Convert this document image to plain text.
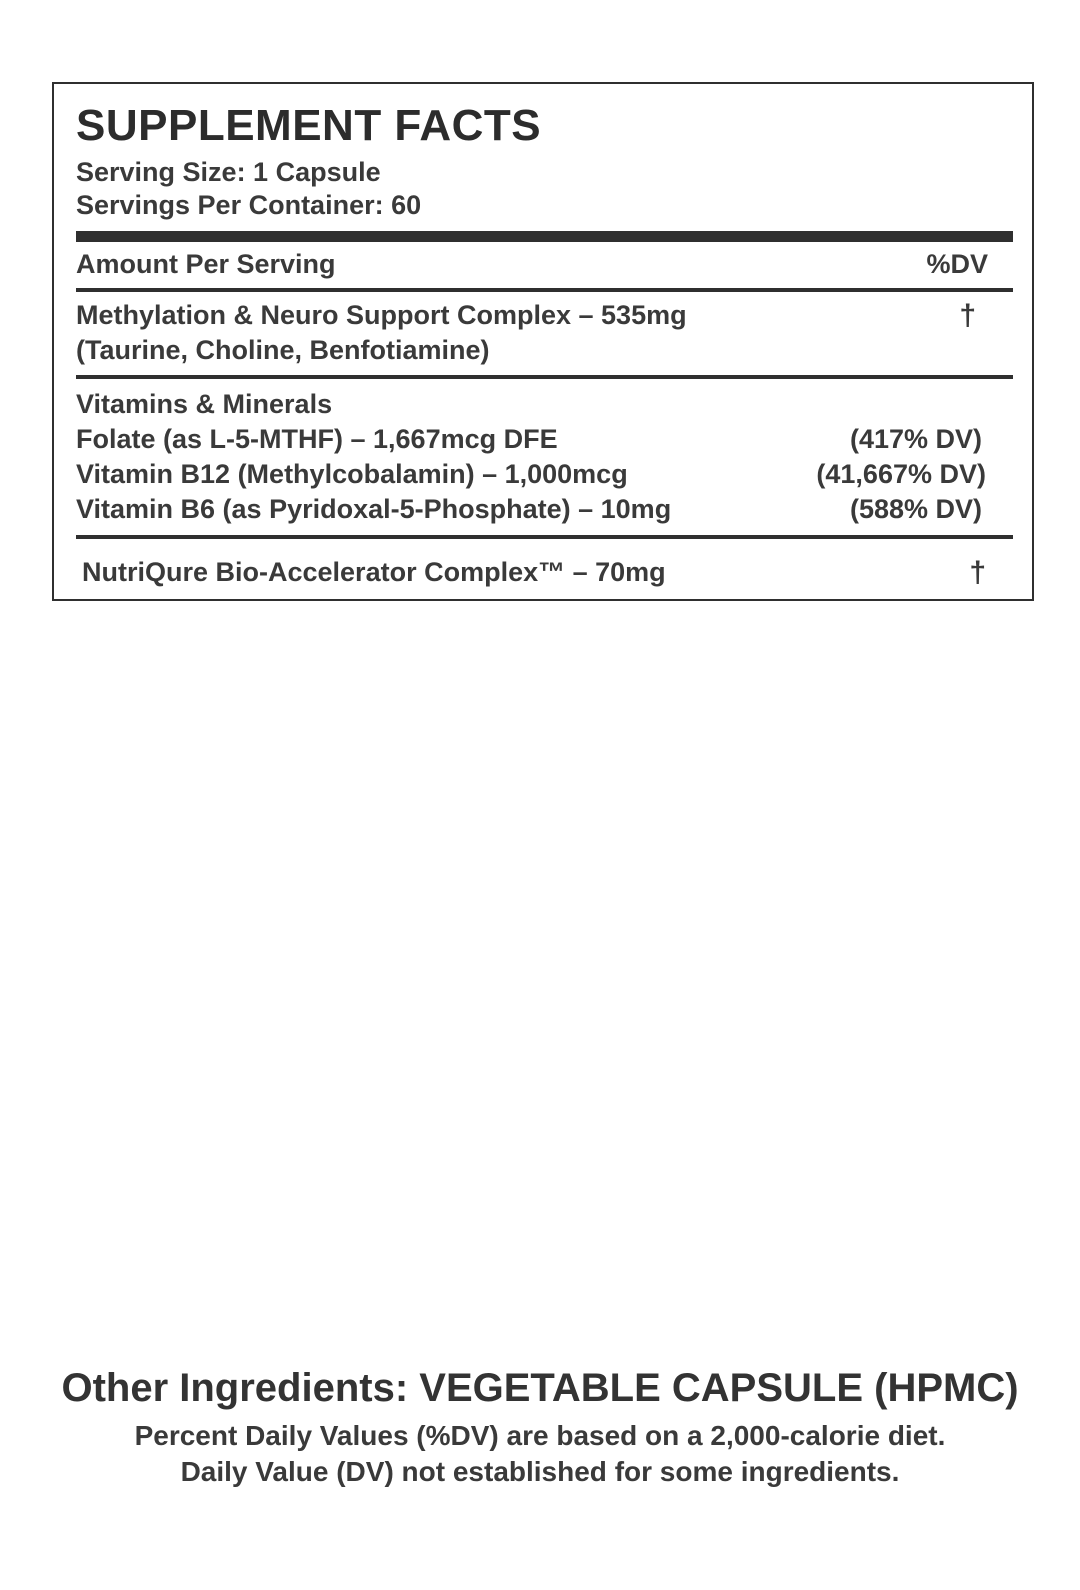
SUPPLEMENT FACTS
Serving Size: 1 Capsule
Servings Per Container: 60
Amount Per Serving	%DV
Methylation & Neuro Support Complex – 535mg	†
(Taurine, Choline, Benfotiamine)
Vitamins & Minerals
Folate (as L-5-MTHF) – 1,667mcg DFE	(417% DV)
Vitamin B12 (Methylcobalamin) – 1,000mcg	(41,667% DV)
Vitamin B6 (as Pyridoxal-5-Phosphate) – 10mg	(588% DV)
NutriQure Bio-Accelerator Complex™ – 70mg	†
Other Ingredients: VEGETABLE CAPSULE (HPMC)
Percent Daily Values (%DV) are based on a 2,000-calorie diet.
Daily Value (DV) not established for some ingredients.
